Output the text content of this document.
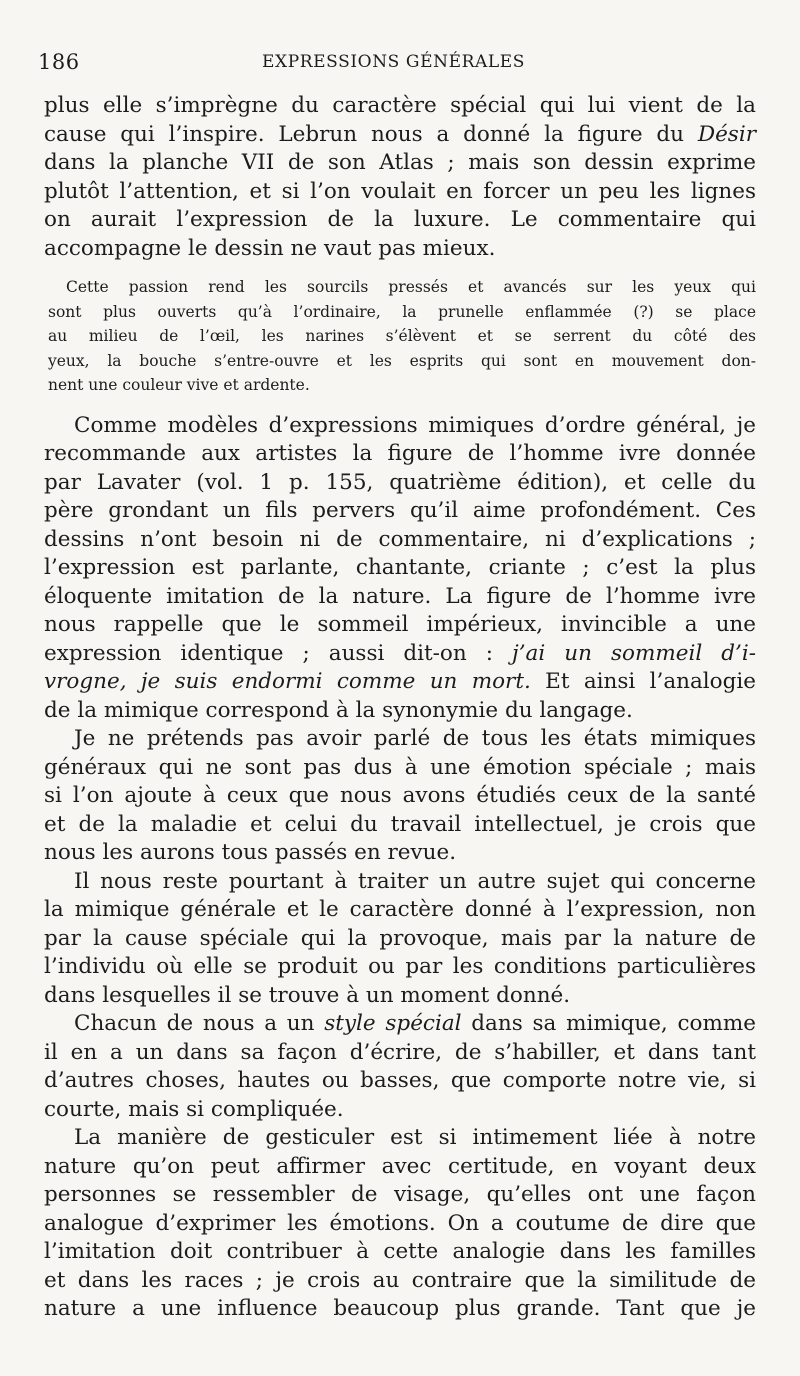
186	EXPRESSIONS GÉNÉRALES

plus elle s’imprègne du caractère spécial qui lui vient de la
cause qui l’inspire. Lebrun nous a donné la figure du Désir
dans la planche VII de son Atlas ; mais son dessin exprime
plutôt l’attention, et si l’on voulait en forcer un peu les lignes
on aurait l’expression de la luxure. Le commentaire qui
accompagne le dessin ne vaut pas mieux.

Cette passion rend les sourcils pressés et avancés sur les yeux qui
sont plus ouverts qu’à l’ordinaire, la prunelle enflammée (?) se place
au milieu de l’œil, les narines s’élèvent et se serrent du côté des
yeux, la bouche s’entre-ouvre et les esprits qui sont en mouvement don-
nent une couleur vive et ardente.

Comme modèles d’expressions mimiques d’ordre général, je
recommande aux artistes la figure de l’homme ivre donnée
par Lavater (vol. 1 p. 155, quatrième édition), et celle du
père grondant un fils pervers qu’il aime profondément. Ces
dessins n’ont besoin ni de commentaire, ni d’explications ;
l’expression est parlante, chantante, criante ; c’est la plus
éloquente imitation de la nature. La figure de l’homme ivre
nous rappelle que le sommeil impérieux, invincible a une
expression identique ; aussi dit-on : j’ai un sommeil d’i-
vrogne, je suis endormi comme un mort. Et ainsi l’analogie
de la mimique correspond à la synonymie du langage.

Je ne prétends pas avoir parlé de tous les états mimiques
généraux qui ne sont pas dus à une émotion spéciale ; mais
si l’on ajoute à ceux que nous avons étudiés ceux de la santé
et de la maladie et celui du travail intellectuel, je crois que
nous les aurons tous passés en revue.

Il nous reste pourtant à traiter un autre sujet qui concerne
la mimique générale et le caractère donné à l’expression, non
par la cause spéciale qui la provoque, mais par la nature de
l’individu où elle se produit ou par les conditions particulières
dans lesquelles il se trouve à un moment donné.

Chacun de nous a un style spécial dans sa mimique, comme
il en a un dans sa façon d’écrire, de s’habiller, et dans tant
d’autres choses, hautes ou basses, que comporte notre vie, si
courte, mais si compliquée.

La manière de gesticuler est si intimement liée à notre
nature qu’on peut affirmer avec certitude, en voyant deux
personnes se ressembler de visage, qu’elles ont une façon
analogue d’exprimer les émotions. On a coutume de dire que
l’imitation doit contribuer à cette analogie dans les familles
et dans les races ; je crois au contraire que la similitude de
nature a une influence beaucoup plus grande. Tant que je
